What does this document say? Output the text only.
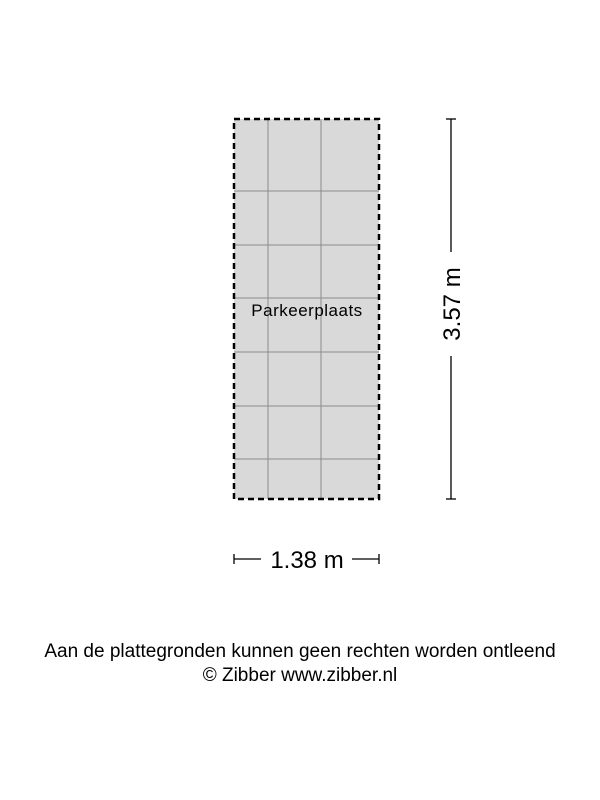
Parkeerplaats	3.57 m
1.38 m
Aan de plattegronden kunnen geen rechten worden ontleend
© Zibber www.zibber.nl
